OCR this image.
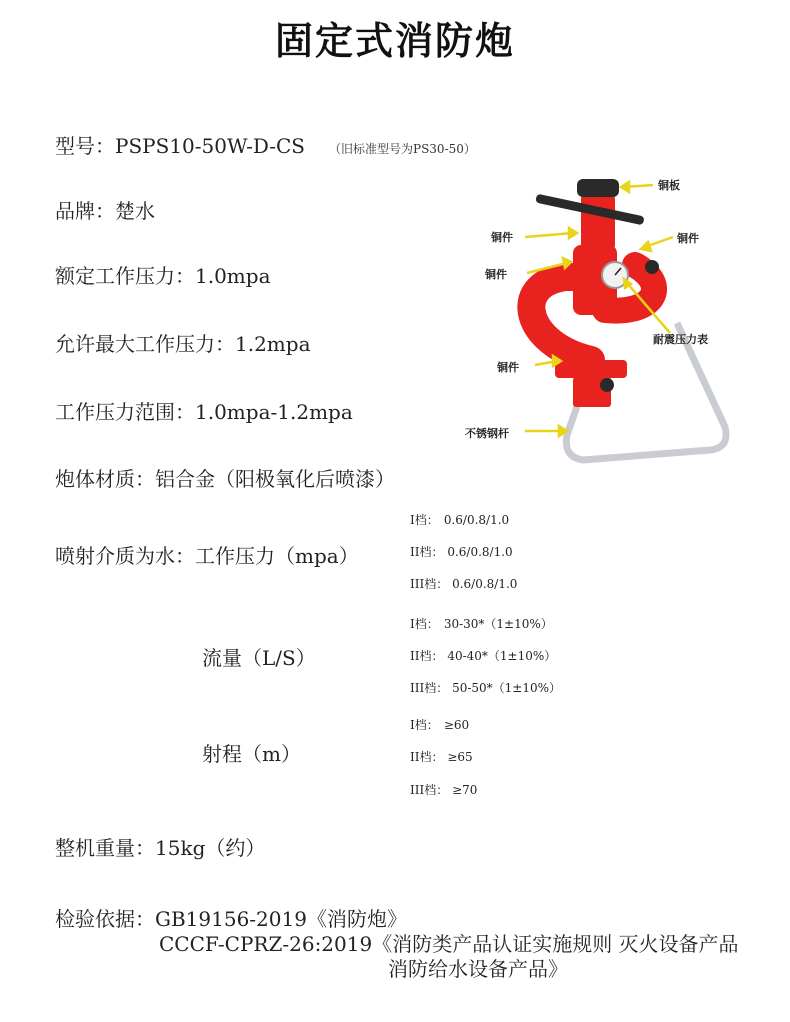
固定式消防炮
型号：PSPS10-50W-D-CS （旧标准型号为PS30-50）
品牌：楚水
额定工作压力：1.0mpa
允许最大工作压力：1.2mpa
工作压力范围：1.0mpa-1.2mpa
炮体材质：铝合金（阳极氧化后喷漆）
喷射介质为水：工作压力（mpa）
I档： 0.6/0.8/1.0
II档： 0.6/0.8/1.0
III档： 0.6/0.8/1.0
流量（L/S）
I档： 30-30*（1±10%）
II档： 40-40*（1±10%）
III档： 50-50*（1±10%）
射程（m）
I档： ≥60
II档： ≥65
III档： ≥70
整机重量：15kg（约）
检验依据：GB19156-2019《消防炮》
CCCF-CPRZ-26:2019《消防类产品认证实施规则 灭火设备产品
消防给水设备产品》
铜板
铜件	铜件
铜件
耐震压力表
铜件
不锈钢杆
